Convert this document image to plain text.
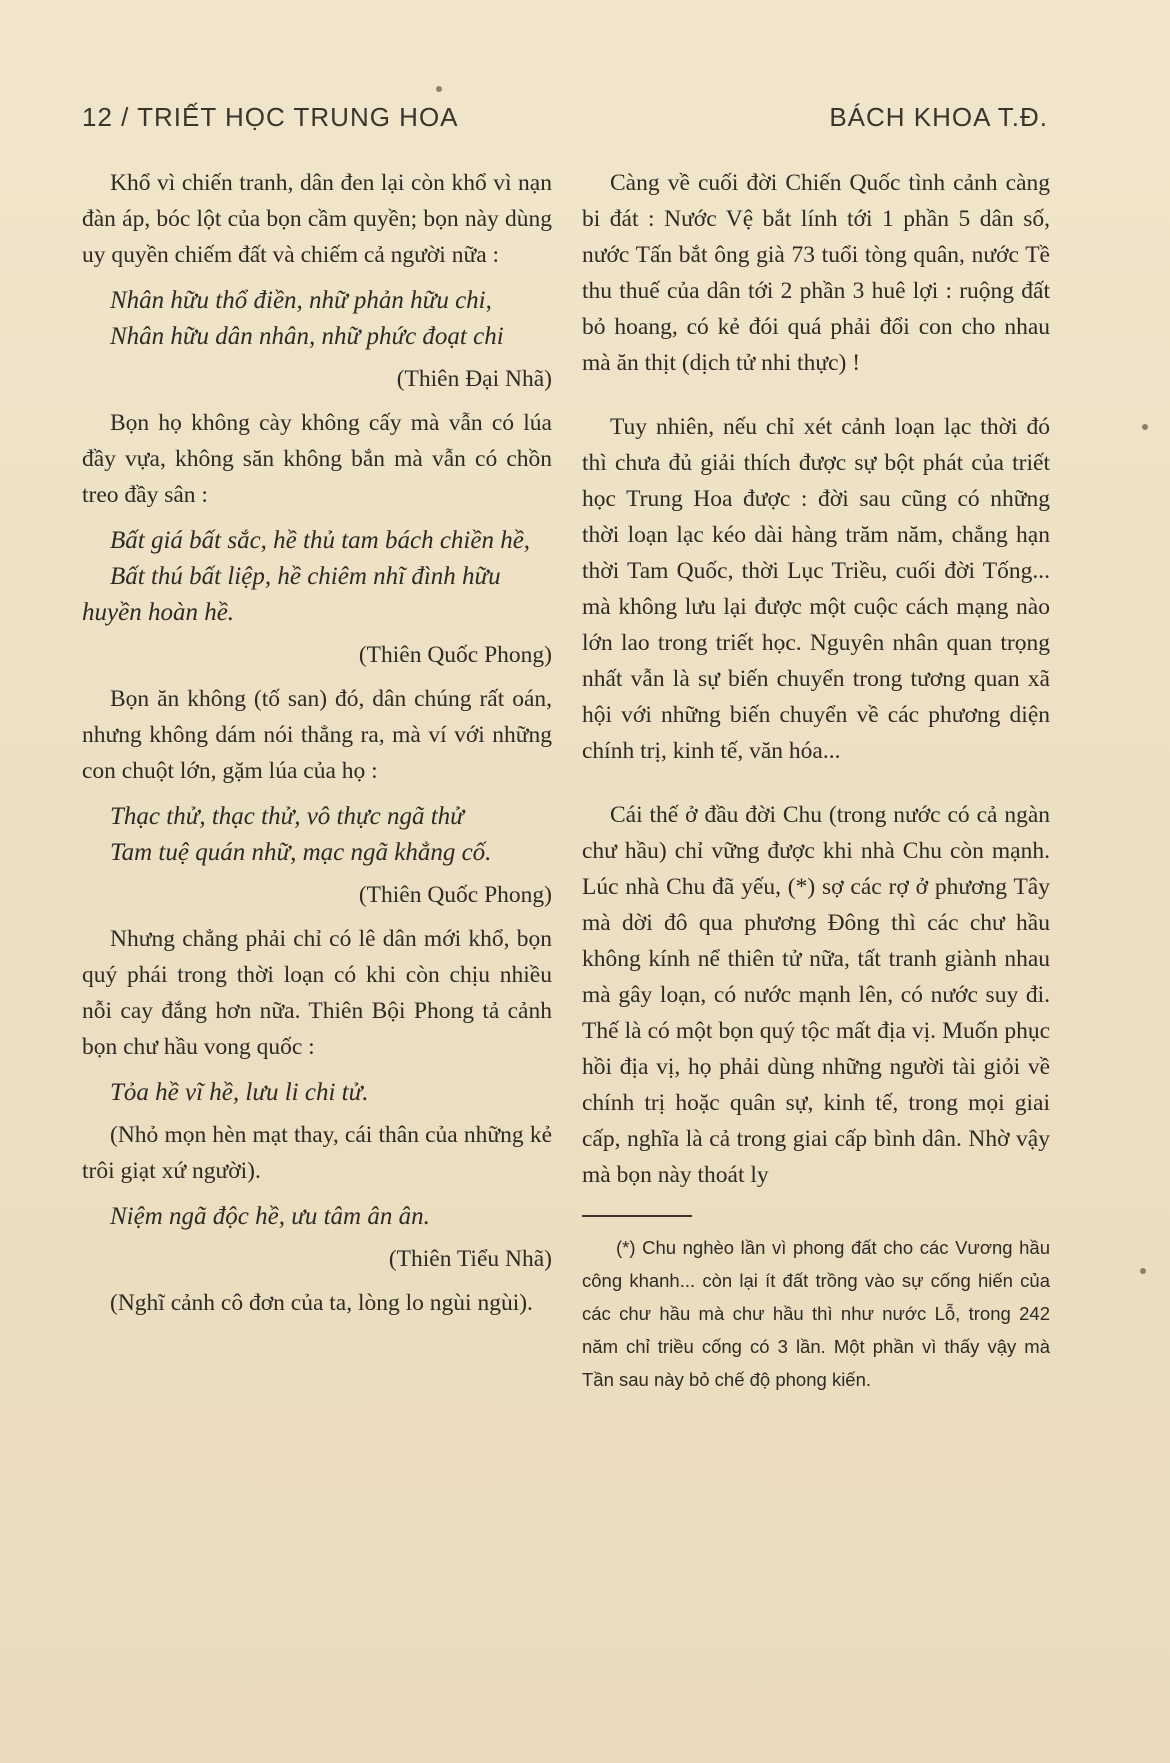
12 / TRIẾT HỌC TRUNG HOA	BÁCH KHOA T.Đ.

Khổ vì chiến tranh, dân đen lại còn khổ vì nạn đàn áp, bóc lột của bọn cầm quyền; bọn này dùng uy quyền chiếm đất và chiếm cả người nữa :

Nhân hữu thổ điền, nhữ phản hữu chi,
Nhân hữu dân nhân, nhữ phức đoạt chi
(Thiên Đại Nhã)

Bọn họ không cày không cấy mà vẫn có lúa đầy vựa, không săn không bắn mà vẫn có chồn treo đầy sân :

Bất giá bất sắc, hề thủ tam bách chiền hề,
Bất thú bất liệp, hề chiêm nhĩ đình hữu huyền hoàn hề.
(Thiên Quốc Phong)

Bọn ăn không (tố san) đó, dân chúng rất oán, nhưng không dám nói thẳng ra, mà ví với những con chuột lớn, gặm lúa của họ :

Thạc thử, thạc thử, vô thực ngã thử
Tam tuệ quán nhữ, mạc ngã khẳng cố.
(Thiên Quốc Phong)

Nhưng chẳng phải chỉ có lê dân mới khổ, bọn quý phái trong thời loạn có khi còn chịu nhiều nỗi cay đắng hơn nữa. Thiên Bội Phong tả cảnh bọn chư hầu vong quốc :

Tỏa hề vĩ hề, lưu li chi tử.

(Nhỏ mọn hèn mạt thay, cái thân của những kẻ trôi giạt xứ người).

Niệm ngã độc hề, ưu tâm ân ân.
(Thiên Tiểu Nhã)

(Nghĩ cảnh cô đơn của ta, lòng lo ngùi ngùi).

Càng về cuối đời Chiến Quốc tình cảnh càng bi đát : Nước Vệ bắt lính tới 1 phần 5 dân số, nước Tấn bắt ông già 73 tuổi tòng quân, nước Tề thu thuế của dân tới 2 phần 3 huê lợi : ruộng đất bỏ hoang, có kẻ đói quá phải đổi con cho nhau mà ăn thịt (dịch tử nhi thực) !

Tuy nhiên, nếu chỉ xét cảnh loạn lạc thời đó thì chưa đủ giải thích được sự bột phát của triết học Trung Hoa được : đời sau cũng có những thời loạn lạc kéo dài hàng trăm năm, chẳng hạn thời Tam Quốc, thời Lục Triều, cuối đời Tống... mà không lưu lại được một cuộc cách mạng nào lớn lao trong triết học. Nguyên nhân quan trọng nhất vẫn là sự biến chuyển trong tương quan xã hội với những biến chuyển về các phương diện chính trị, kinh tế, văn hóa...

Cái thế ở đầu đời Chu (trong nước có cả ngàn chư hầu) chỉ vững được khi nhà Chu còn mạnh. Lúc nhà Chu đã yếu, (*) sợ các rợ ở phương Tây mà dời đô qua phương Đông thì các chư hầu không kính nể thiên tử nữa, tất tranh giành nhau mà gây loạn, có nước mạnh lên, có nước suy đi. Thế là có một bọn quý tộc mất địa vị. Muốn phục hồi địa vị, họ phải dùng những người tài giỏi về chính trị hoặc quân sự, kinh tế, trong mọi giai cấp, nghĩa là cả trong giai cấp bình dân. Nhờ vậy mà bọn này thoát ly

(*) Chu nghèo lần vì phong đất cho các Vương hầu công khanh... còn lại ít đất trồng vào sự cống hiến của các chư hầu mà chư hầu thì như nước Lỗ, trong 242 năm chỉ triều cống có 3 lần. Một phần vì thấy vậy mà Tần sau này bỏ chế độ phong kiến.
